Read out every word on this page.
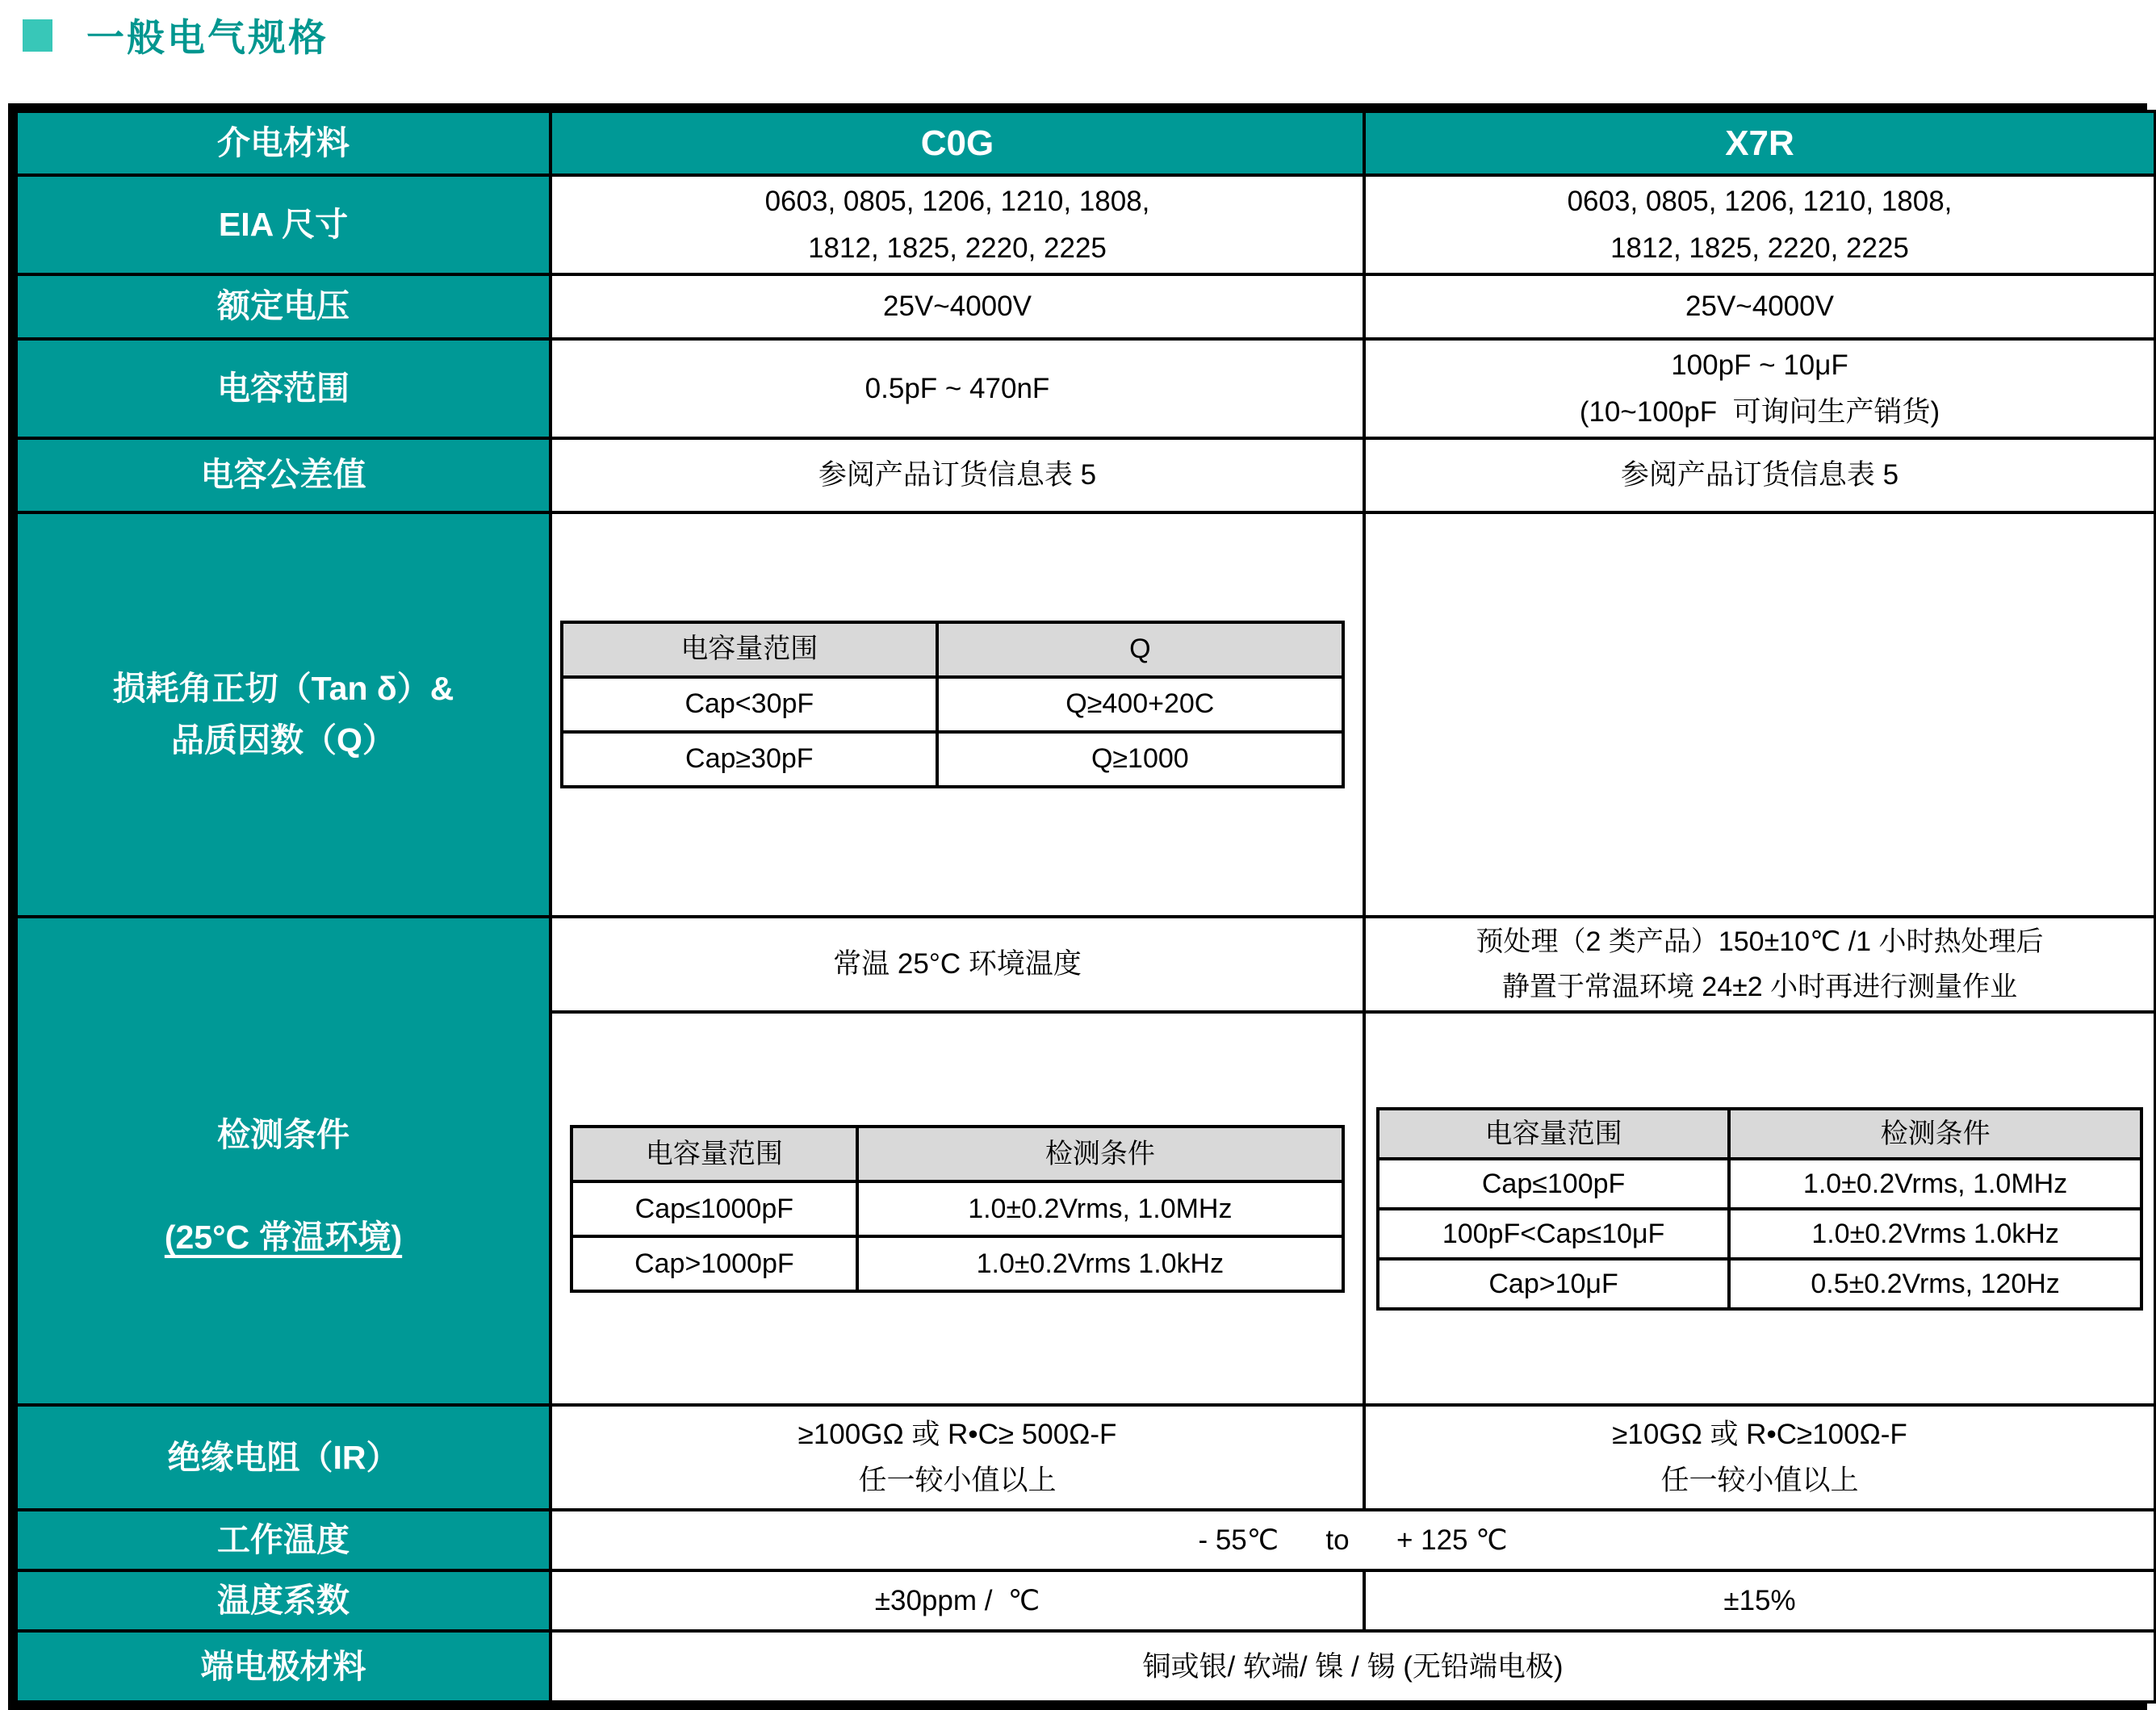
一般电气规格
介电材料	C0G	X7R
EIA 尺寸	0603, 0805, 1206, 1210, 1808,
1812, 1825, 2220, 2225	0603, 0805, 1206, 1210, 1808,
1812, 1825, 2220, 2225
额定电压	25V~4000V	25V~4000V
电容范围	0.5pF ~ 470nF	100pF ~ 10μF
(10~100pF  可询问生产销货)
电容公差值	参阅产品订货信息表 5	参阅产品订货信息表 5
损耗角正切（Tan δ）&
品质因数（Q）	

电容量范围	Q
Cap<30pF	Q≥400+20C
Cap≥30pF	Q≥1000

检测条件

(25°C 常温环境)
	常温 25°C 环境温度	预处理（2 类产品）150±10℃ /1 小时热处理后
静置于常温环境 24±2 小时再进行测量作业

电容量范围	检测条件
Cap≤1000pF	1.0±0.2Vrms, 1.0MHz
Cap>1000pF	1.0±0.2Vrms 1.0kHz

电容量范围	检测条件
Cap≤100pF	1.0±0.2Vrms, 1.0MHz
100pF<Cap≤10μF	1.0±0.2Vrms 1.0kHz
Cap>10μF	0.5±0.2Vrms, 120Hz

绝缘电阻（IR）	≥100GΩ 或 R•C≥ 500Ω-F
任一较小值以上	≥10GΩ 或 R•C≥100Ω-F
任一较小值以上
工作温度	- 55℃      to      + 125 ℃
温度系数	±30ppm /  ℃	±15%
端电极材料	铜或银/ 软端/ 镍 / 锡 (无铅端电极)
